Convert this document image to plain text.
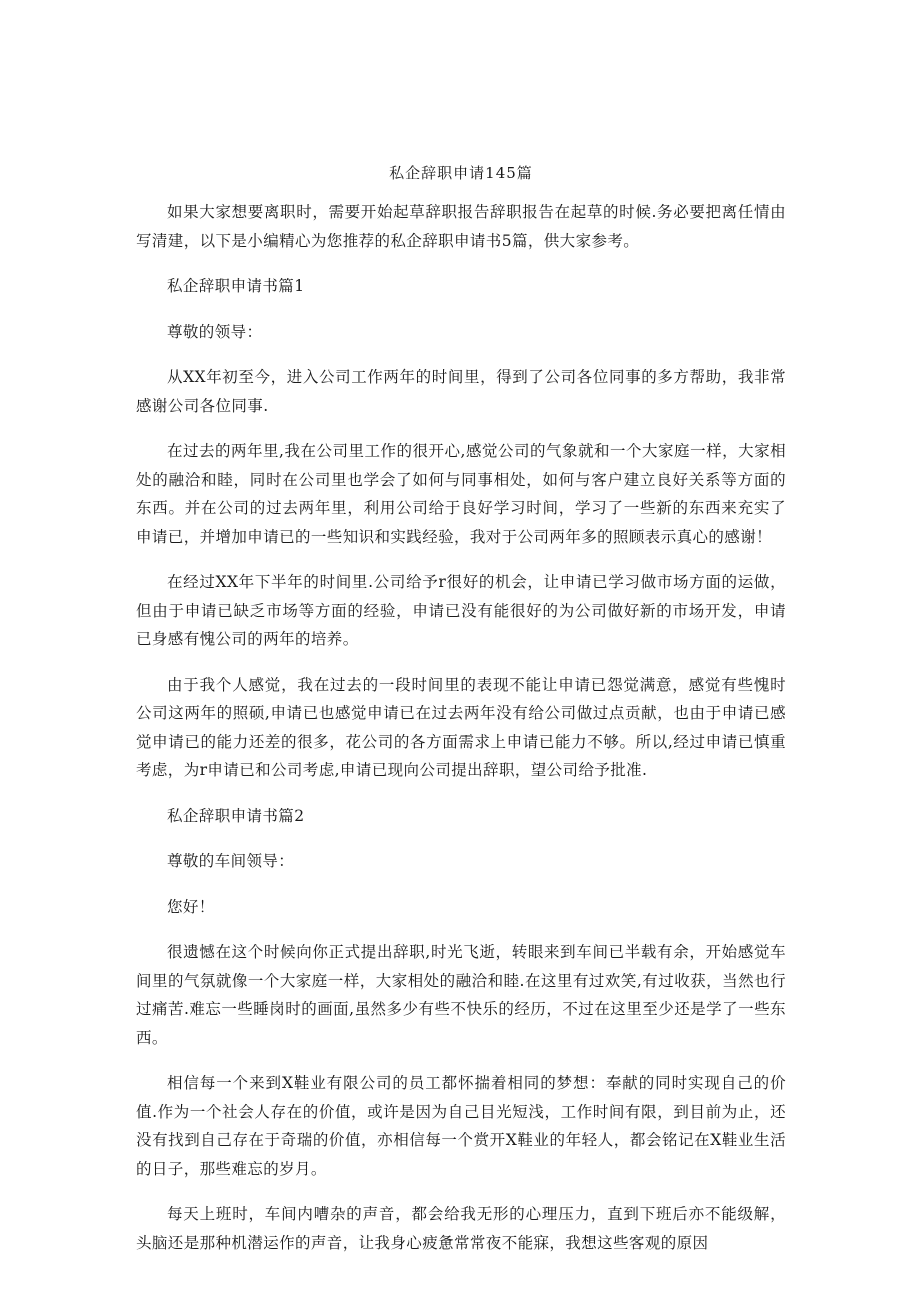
私企辞职申请145篇

如果大家想要离职时，需要开始起草辞职报告辞职报告在起草的时候.务必要把离任情由写清建，以下是小编精心为您推荐的私企辞职申请书5篇，供大家参考。

私企辞职申请书篇1

尊敬的领导：

从XX年初至今，进入公司工作两年的时间里，得到了公司各位同事的多方帮助，我非常感谢公司各位同事.

在过去的两年里,我在公司里工作的很开心,感觉公司的气象就和一个大家庭一样，大家相处的融洽和睦，同时在公司里也学会了如何与同事相处，如何与客户建立良好关系等方面的东西。并在公司的过去两年里，利用公司给于良好学习时间，学习了一些新的东西来充实了申请已，并增加申请已的一些知识和实践经验，我对于公司两年多的照顾表示真心的感谢！

在经过XX年下半年的时间里.公司给予r很好的机会，让申请已学习做市场方面的运做，但由于申请已缺乏市场等方面的经验，申请已没有能很好的为公司做好新的市场开发，申请已身感有愧公司的两年的培养。

由于我个人感觉，我在过去的一段时间里的表现不能让申请已怨觉满意，感觉有些愧时公司这两年的照硕,申请已也感觉申请已在过去两年没有给公司做过点贡献，也由于申请已感觉申请已的能力还差的很多，花公司的各方面需求上申请已能力不够。所以,经过申请已慎重考虑，为r申请已和公司考虑,申请已现向公司提出辞职，望公司给予批准.

私企辞职申请书篇2

尊敬的车间领导：

您好！

很遗憾在这个时候向你正式提出辞职,时光飞逝，转眼来到车间已半载有余，开始感觉车间里的气氛就像一个大家庭一样，大家相处的融洽和睦.在这里有过欢笑,有过收获，当然也行过痛苦.难忘一些睡岗时的画面,虽然多少有些不快乐的经历，不过在这里至少还是学了一些东西。

相信每一个来到X鞋业有限公司的员工都怀揣着相同的梦想：奉献的同时实现自己的价值.作为一个社会人存在的价值，或许是因为自己目光短浅，工作时间有限，到目前为止，还没有找到自己存在于奇瑞的价值，亦相信每一个赏开X鞋业的年轻人，都会铭记在X鞋业生活的日子，那些难忘的岁月。

每天上班时，车间内嘈杂的声音，都会给我无形的心理压力，直到下班后亦不能级解，头脑还是那种机潜运作的声音，让我身心疲惫常常夜不能寐，我想这些客观的原因
